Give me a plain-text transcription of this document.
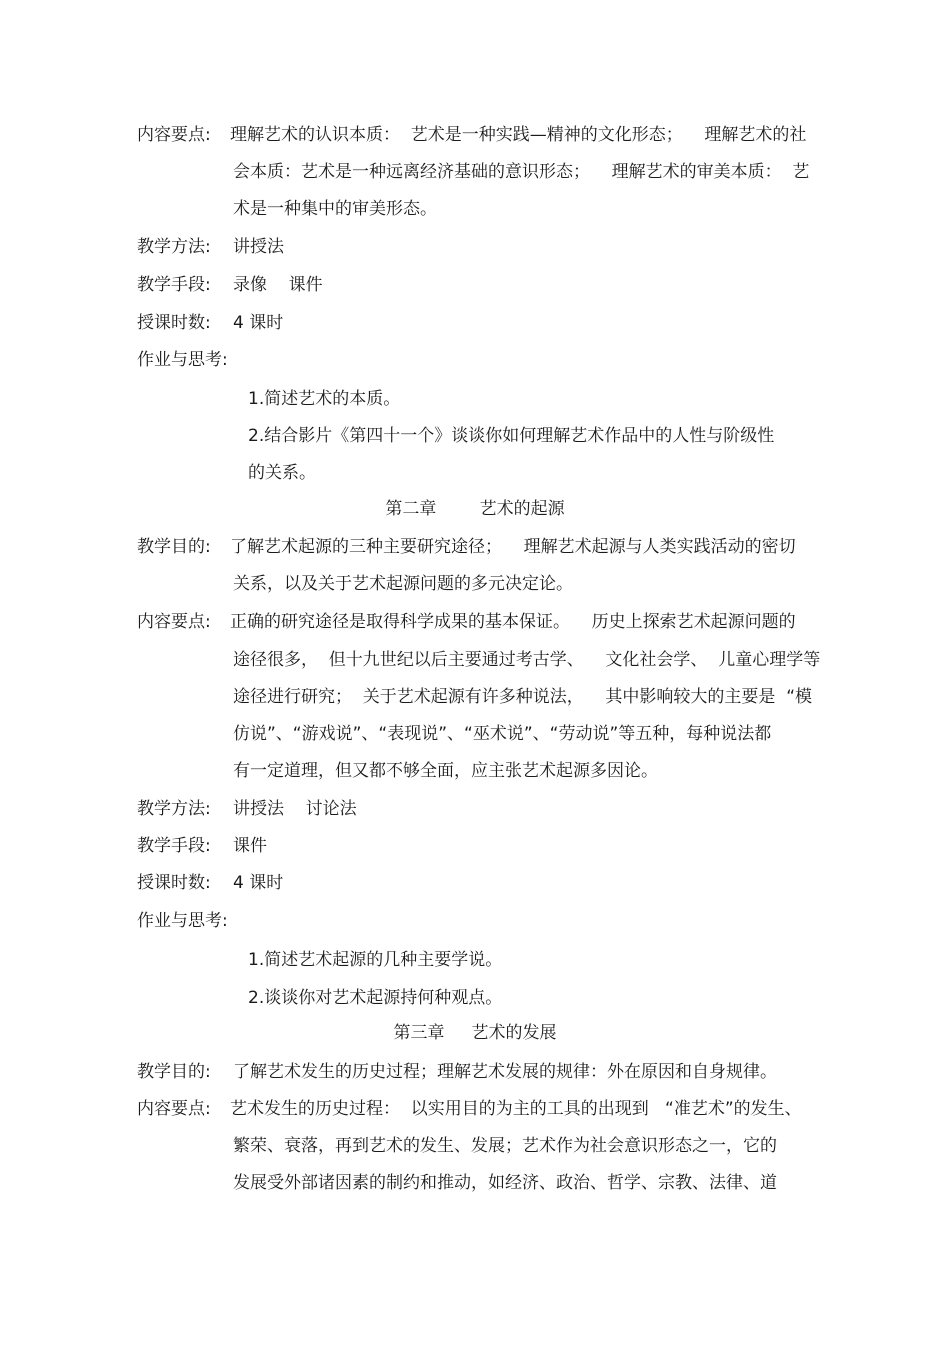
内容要点: 理解艺术的认识本质：  艺术是一种实践—精神的文化形态；    理解艺术的社
会本质：艺术是一种远离经济基础的意识形态；    理解艺术的审美本质：  艺
术是一种集中的审美形态。
教学方法: 讲授法
教学手段: 录像    课件
授课时数: 4 课时
作业与思考:
1.简述艺术的本质。
2.结合影片《第四十一个》谈谈你如何理解艺术作品中的人性与阶级性
的关系。
第二章        艺术的起源
教学目的: 了解艺术起源的三种主要研究途径；    理解艺术起源与人类实践活动的密切
关系，以及关于艺术起源问题的多元决定论。
内容要点: 正确的研究途径是取得科学成果的基本保证。    历史上探索艺术起源问题的
途径很多，  但十九世纪以后主要通过考古学、    文化社会学、  儿童心理学等
途径进行研究；  关于艺术起源有许多种说法，    其中影响较大的主要是  “模
仿说”、“游戏说”、“表现说”、“巫术说”、“劳动说”等五种，每种说法都
有一定道理，但又都不够全面，应主张艺术起源多因论。
教学方法: 讲授法    讨论法
教学手段: 课件
授课时数: 4 课时
作业与思考:
1.简述艺术起源的几种主要学说。
2.谈谈你对艺术起源持何种观点。
第三章     艺术的发展
教学目的: 了解艺术发生的历史过程；理解艺术发展的规律：外在原因和自身规律。
内容要点: 艺术发生的历史过程：  以实用目的为主的工具的出现到   “准艺术”的发生、
繁荣、衰落，再到艺术的发生、发展；艺术作为社会意识形态之一，它的
发展受外部诸因素的制约和推动，如经济、政治、哲学、宗教、法律、道
